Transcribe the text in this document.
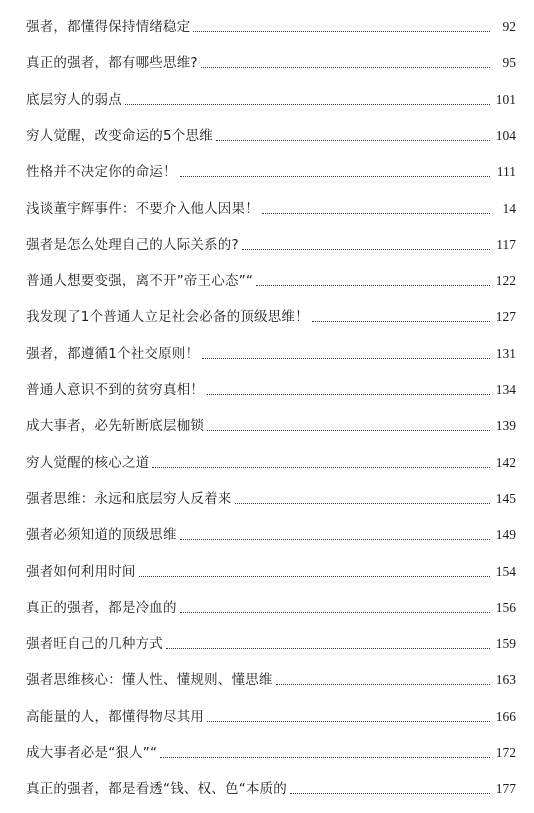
强者，都懂得保持情绪稳定	92
真正的强者，都有哪些思维?	95
底层穷人的弱点	101
穷人觉醒，改变命运的5个思维	104
性格并不决定你的命运！	111
浅谈董宇辉事件：不要介入他人因果！	14
强者是怎么处理自己的人际关系的?	117
普通人想要变强，离不开”帝王心态”“	122
我发现了1个普通人立足社会必备的顶级思维！	127
强者，都遵循1个社交原则！	131
普通人意识不到的贫穷真相！	134
成大事者，必先斩断底层枷锁	139
穷人觉醒的核心之道	142
强者思维：永远和底层穷人反着来	145
强者必须知道的顶级思维	149
强者如何利用时间	154
真正的强者，都是冷血的	156
强者旺自己的几种方式	159
强者思维核心：懂人性、懂规则、懂思维	163
高能量的人，都懂得物尽其用	166
成大事者必是“狠人”“	172
真正的强者，都是看透“钱、权、色“本质的	177
